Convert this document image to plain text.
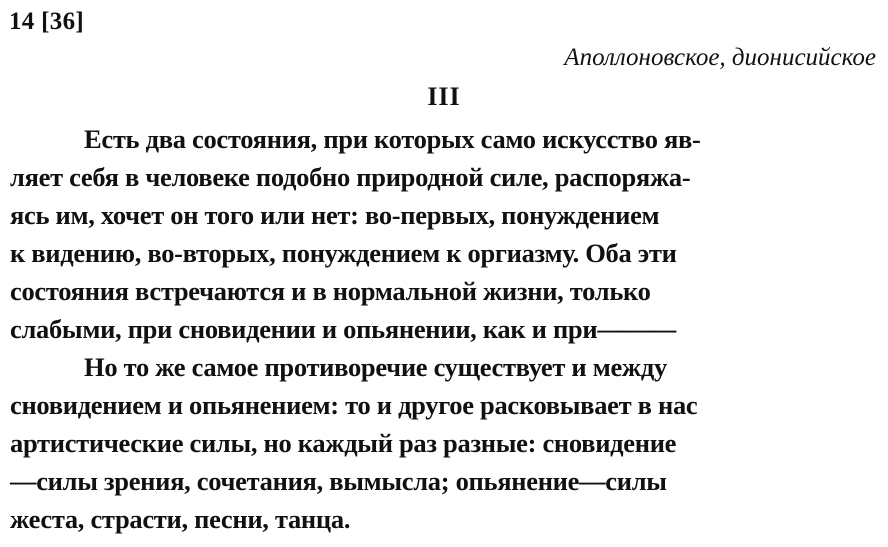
14 [36]
Аполлоновское, дионисийское
III
Есть два состояния, при которых само искусство яв-
ляет себя в человеке подобно природной силе, распоряжа-
ясь им, хочет он того или нет: во-первых, понуждением
к видению, во-вторых, понуждением к оргиазму. Оба эти
состояния встречаются и в нормальной жизни, только
слабыми, при сновидении и опьянении, как и при———
Но то же самое противоречие существует и между
сновидением и опьянением: то и другое расковывает в нас
артистические силы, но каждый раз разные: сновидение
—силы зрения, сочетания, вымысла; опьянение—силы
жеста, страсти, песни, танца.
